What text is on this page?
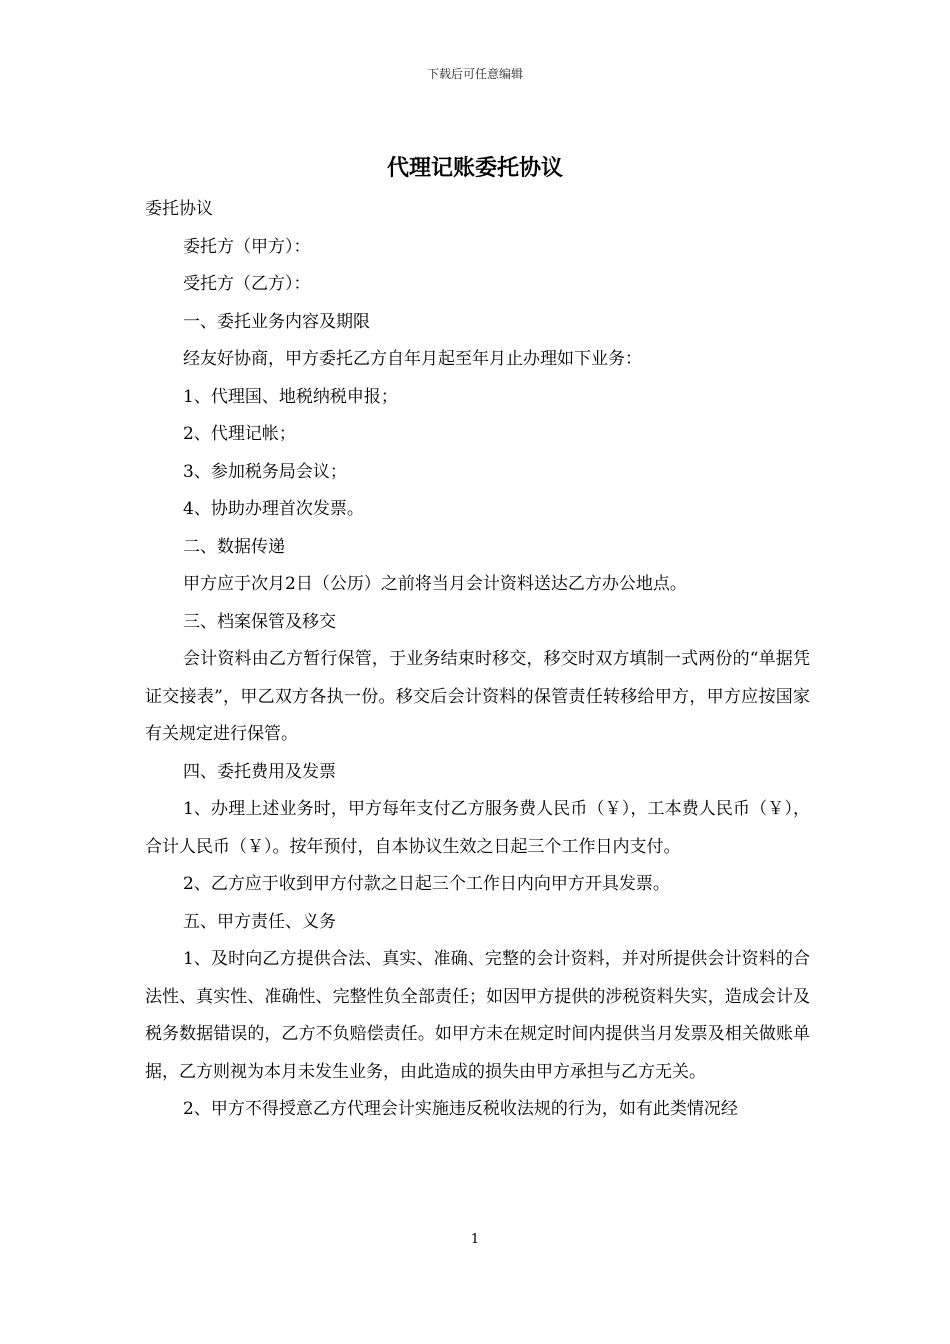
下载后可任意编辑
代理记账委托协议

委托协议

委托方（甲方）：

受托方（乙方）：

一、委托业务内容及期限

经友好协商，甲方委托乙方自年月起至年月止办理如下业务：

1、代理国、地税纳税申报；

2、代理记帐；

3、参加税务局会议；

4、协助办理首次发票。

二、数据传递

甲方应于次月2日（公历）之前将当月会计资料送达乙方办公地点。

三、档案保管及移交

会计资料由乙方暂行保管，于业务结束时移交，移交时双方填制一式两份的“单据凭证交接表”，甲乙双方各执一份。移交后会计资料的保管责任转移给甲方，甲方应按国家有关规定进行保管。

四、委托费用及发票

1、办理上述业务时，甲方每年支付乙方服务费人民币（￥），工本费人民币（￥），合计人民币（￥）。按年预付，自本协议生效之日起三个工作日内支付。

2、乙方应于收到甲方付款之日起三个工作日内向甲方开具发票。

五、甲方责任、义务

1、及时向乙方提供合法、真实、准确、完整的会计资料，并对所提供会计资料的合法性、真实性、准确性、完整性负全部责任；如因甲方提供的涉税资料失实，造成会计及税务数据错误的，乙方不负赔偿责任。如甲方未在规定时间内提供当月发票及相关做账单据，乙方则视为本月未发生业务，由此造成的损失由甲方承担与乙方无关。

2、甲方不得授意乙方代理会计实施违反税收法规的行为，如有此类情况经

1
